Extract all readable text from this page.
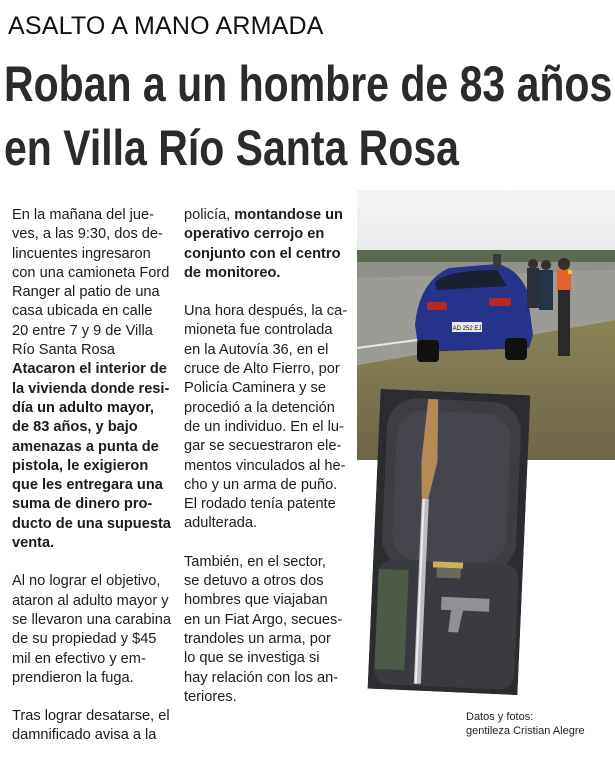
ASALTO A MANO ARMADA
Roban a un hombre de 83 años
en Villa Río Santa Rosa

En la mañana del jue-
ves, a las 9:30, dos de-
lincuentes ingresaron
con una camioneta Ford
Ranger al patio de una
casa ubicada en calle
20 entre 7 y 9 de Villa
Río Santa Rosa
Atacaron el interior de
la vivienda donde resi-
día un adulto mayor,
de 83 años, y bajo
amenazas a punta de
pistola, le exigieron
que les entregara una
suma de dinero pro-
ducto de una supuesta
venta.

Al no lograr el objetivo,
ataron al adulto mayor y
se llevaron una carabina
de su propiedad y $45
mil en efectivo y em-
prendieron la fuga.

Tras lograr desatarse, el
damnificado avisa a la

policía, montandose un
operativo cerrojo en
conjunto con el centro
de monitoreo.

Una hora después, la ca-
mioneta fue controlada
en la Autovía 36, en el
cruce de Alto Fierro, por
Policía Caminera y se
procedió a la detención
de un individuo. En el lu-
gar se secuestraron ele-
mentos vinculados al he-
cho y un arma de puño.
El rodado tenía patente
adulterada.

También, en el sector,
se detuvo a otros dos
hombres que viajaban
en un Fiat Argo, secues-
trandoles un arma, por
lo que se investiga si
hay relación con los an-
teriores.

AD 252 EJ
Datos y fotos:
gentileza Cristian Alegre
